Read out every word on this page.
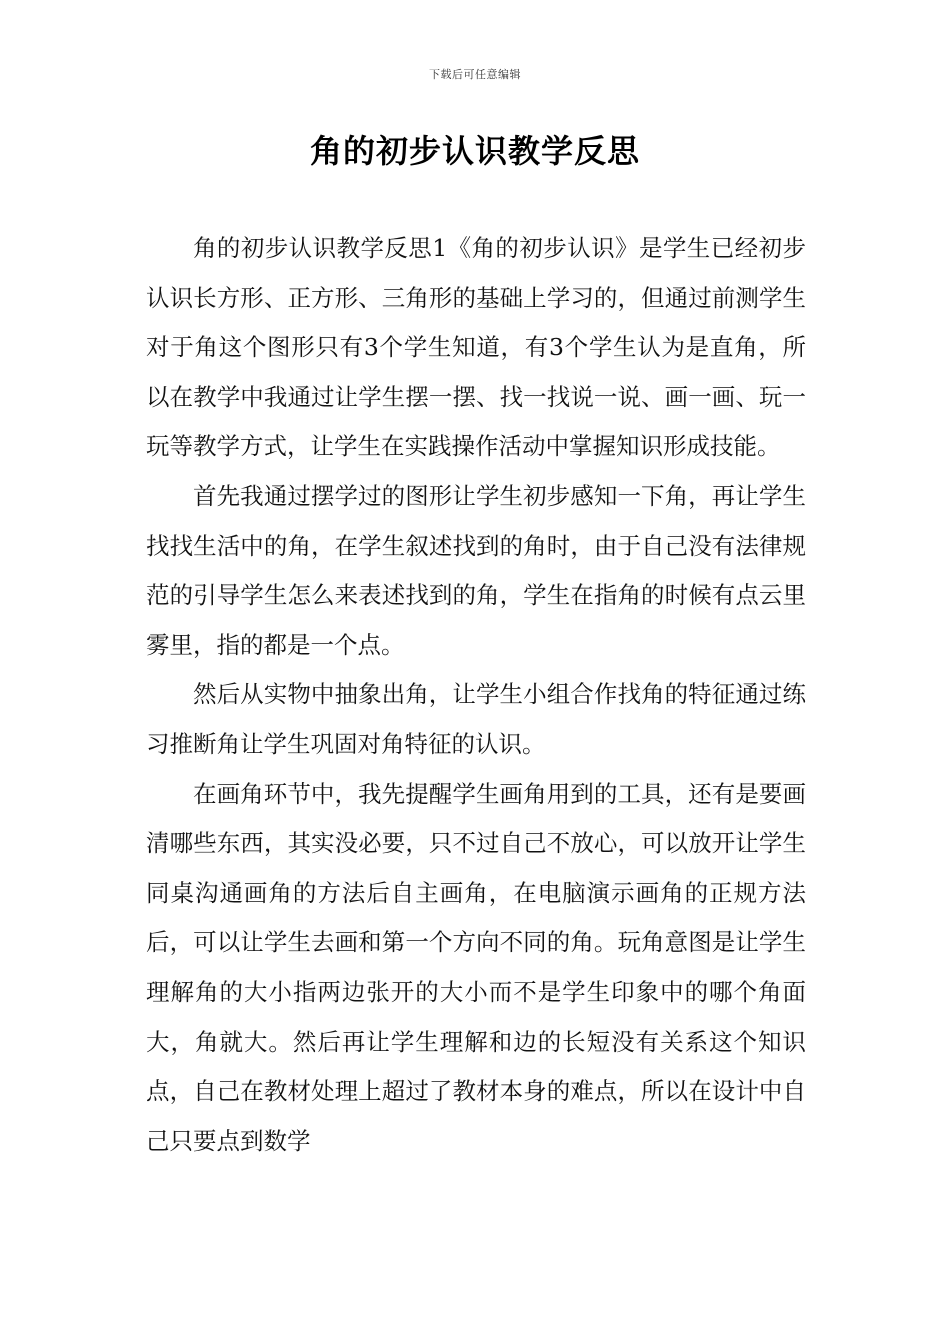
下载后可任意编辑
角的初步认识教学反思

角的初步认识教学反思1《角的初步认识》是学生已经初步认识长方形、正方形、三角形的基础上学习的，但通过前测学生对于角这个图形只有3个学生知道，有3个学生认为是直角，所以在教学中我通过让学生摆一摆、找一找说一说、画一画、玩一玩等教学方式，让学生在实践操作活动中掌握知识形成技能。

首先我通过摆学过的图形让学生初步感知一下角，再让学生找找生活中的角，在学生叙述找到的角时，由于自己没有法律规范的引导学生怎么来表述找到的角，学生在指角的时候有点云里雾里，指的都是一个点。

然后从实物中抽象出角，让学生小组合作找角的特征通过练习推断角让学生巩固对角特征的认识。

在画角环节中，我先提醒学生画角用到的工具，还有是要画清哪些东西，其实没必要，只不过自己不放心，可以放开让学生同桌沟通画角的方法后自主画角，在电脑演示画角的正规方法后，可以让学生去画和第一个方向不同的角。玩角意图是让学生理解角的大小指两边张开的大小而不是学生印象中的哪个角面大，角就大。然后再让学生理解和边的长短没有关系这个知识点，自己在教材处理上超过了教材本身的难点，所以在设计中自己只要点到数学
